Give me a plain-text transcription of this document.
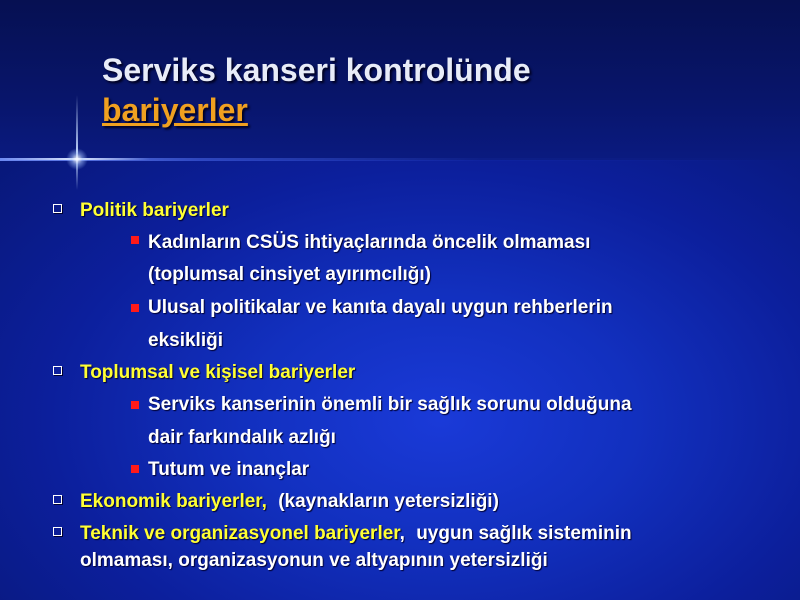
Serviks kanseri kontrolünde
bariyerler
Politik bariyerler
Kadınların CSÜS ihtiyaçlarında öncelik olmaması
(toplumsal cinsiyet ayırımcılığı)
Ulusal politikalar ve kanıta dayalı uygun rehberlerin
eksikliği
Toplumsal ve kişisel bariyerler
Serviks kanserinin önemli bir sağlık sorunu olduğuna
dair farkındalık azlığı
Tutum ve inançlar
Ekonomik bariyerler, (kaynakların yetersizliği)
Teknik ve organizasyonel bariyerler, uygun sağlık sisteminin
olmaması, organizasyonun ve altyapının yetersizliği
